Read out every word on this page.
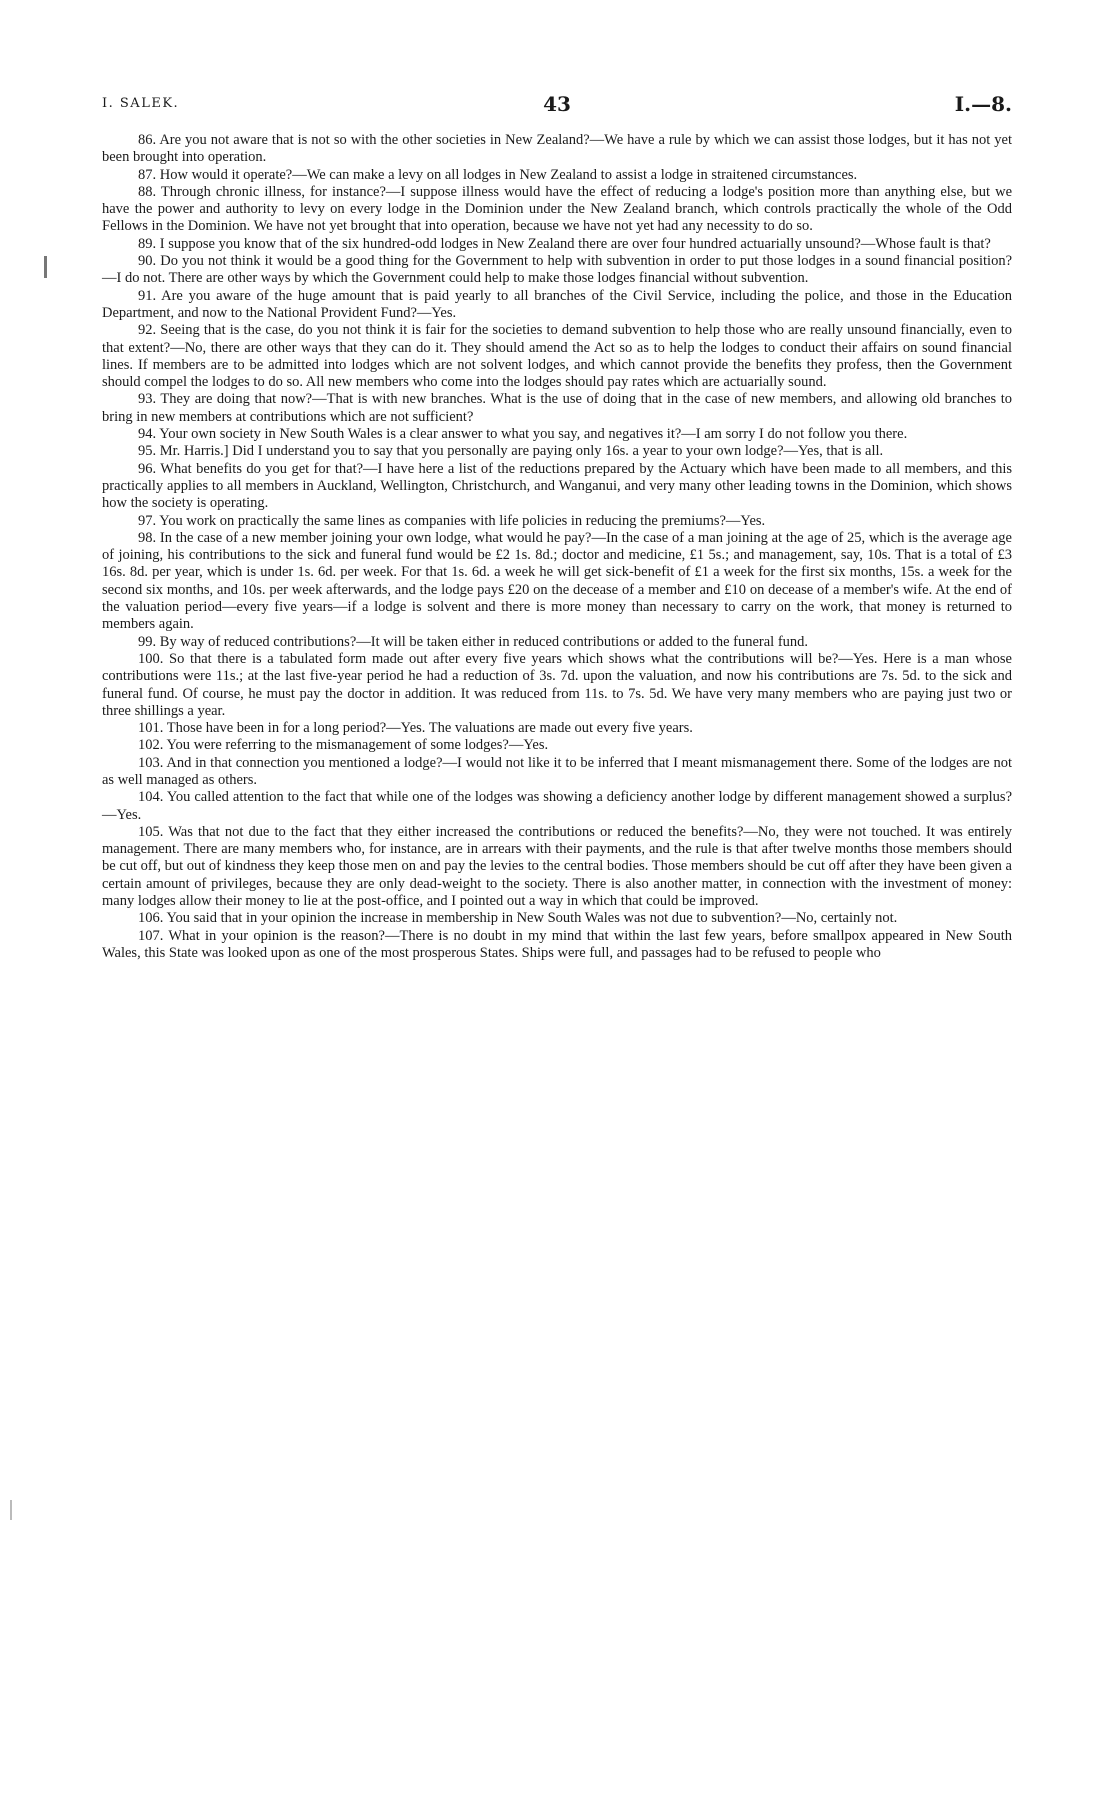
I. SALEK.	43	I.—8.

86. Are you not aware that is not so with the other societies in New Zealand?—We have a rule by which we can assist those lodges, but it has not yet been brought into operation.

87. How would it operate?—We can make a levy on all lodges in New Zealand to assist a lodge in straitened circumstances.

88. Through chronic illness, for instance?—I suppose illness would have the effect of reducing a lodge's position more than anything else, but we have the power and authority to levy on every lodge in the Dominion under the New Zealand branch, which controls practically the whole of the Odd Fellows in the Dominion. We have not yet brought that into operation, because we have not yet had any necessity to do so.

89. I suppose you know that of the six hundred-odd lodges in New Zealand there are over four hundred actuarially unsound?—Whose fault is that?

90. Do you not think it would be a good thing for the Government to help with subvention in order to put those lodges in a sound financial position?—I do not. There are other ways by which the Government could help to make those lodges financial without subvention.

91. Are you aware of the huge amount that is paid yearly to all branches of the Civil Service, including the police, and those in the Education Department, and now to the National Provident Fund?—Yes.

92. Seeing that is the case, do you not think it is fair for the societies to demand subvention to help those who are really unsound financially, even to that extent?—No, there are other ways that they can do it. They should amend the Act so as to help the lodges to conduct their affairs on sound financial lines. If members are to be admitted into lodges which are not solvent lodges, and which cannot provide the benefits they profess, then the Government should compel the lodges to do so. All new members who come into the lodges should pay rates which are actuarially sound.

93. They are doing that now?—That is with new branches. What is the use of doing that in the case of new members, and allowing old branches to bring in new members at contributions which are not sufficient?

94. Your own society in New South Wales is a clear answer to what you say, and negatives it?—I am sorry I do not follow you there.

95. Mr. Harris.] Did I understand you to say that you personally are paying only 16s. a year to your own lodge?—Yes, that is all.

96. What benefits do you get for that?—I have here a list of the reductions prepared by the Actuary which have been made to all members, and this practically applies to all members in Auckland, Wellington, Christchurch, and Wanganui, and very many other leading towns in the Dominion, which shows how the society is operating.

97. You work on practically the same lines as companies with life policies in reducing the premiums?—Yes.

98. In the case of a new member joining your own lodge, what would he pay?—In the case of a man joining at the age of 25, which is the average age of joining, his contributions to the sick and funeral fund would be £2 1s. 8d.; doctor and medicine, £1 5s.; and management, say, 10s. That is a total of £3 16s. 8d. per year, which is under 1s. 6d. per week. For that 1s. 6d. a week he will get sick-benefit of £1 a week for the first six months, 15s. a week for the second six months, and 10s. per week afterwards, and the lodge pays £20 on the decease of a member and £10 on decease of a member's wife. At the end of the valuation period—every five years—if a lodge is solvent and there is more money than necessary to carry on the work, that money is returned to members again.

99. By way of reduced contributions?—It will be taken either in reduced contributions or added to the funeral fund.

100. So that there is a tabulated form made out after every five years which shows what the contributions will be?—Yes. Here is a man whose contributions were 11s.; at the last five-year period he had a reduction of 3s. 7d. upon the valuation, and now his contributions are 7s. 5d. to the sick and funeral fund. Of course, he must pay the doctor in addition. It was reduced from 11s. to 7s. 5d. We have very many members who are paying just two or three shillings a year.

101. Those have been in for a long period?—Yes. The valuations are made out every five years.

102. You were referring to the mismanagement of some lodges?—Yes.

103. And in that connection you mentioned a lodge?—I would not like it to be inferred that I meant mismanagement there. Some of the lodges are not as well managed as others.

104. You called attention to the fact that while one of the lodges was showing a deficiency another lodge by different management showed a surplus?—Yes.

105. Was that not due to the fact that they either increased the contributions or reduced the benefits?—No, they were not touched. It was entirely management. There are many members who, for instance, are in arrears with their payments, and the rule is that after twelve months those members should be cut off, but out of kindness they keep those men on and pay the levies to the central bodies. Those members should be cut off after they have been given a certain amount of privileges, because they are only dead-weight to the society. There is also another matter, in connection with the investment of money: many lodges allow their money to lie at the post-office, and I pointed out a way in which that could be improved.

106. You said that in your opinion the increase in membership in New South Wales was not due to subvention?—No, certainly not.

107. What in your opinion is the reason?—There is no doubt in my mind that within the last few years, before smallpox appeared in New South Wales, this State was looked upon as one of the most prosperous States. Ships were full, and passages had to be refused to people who
